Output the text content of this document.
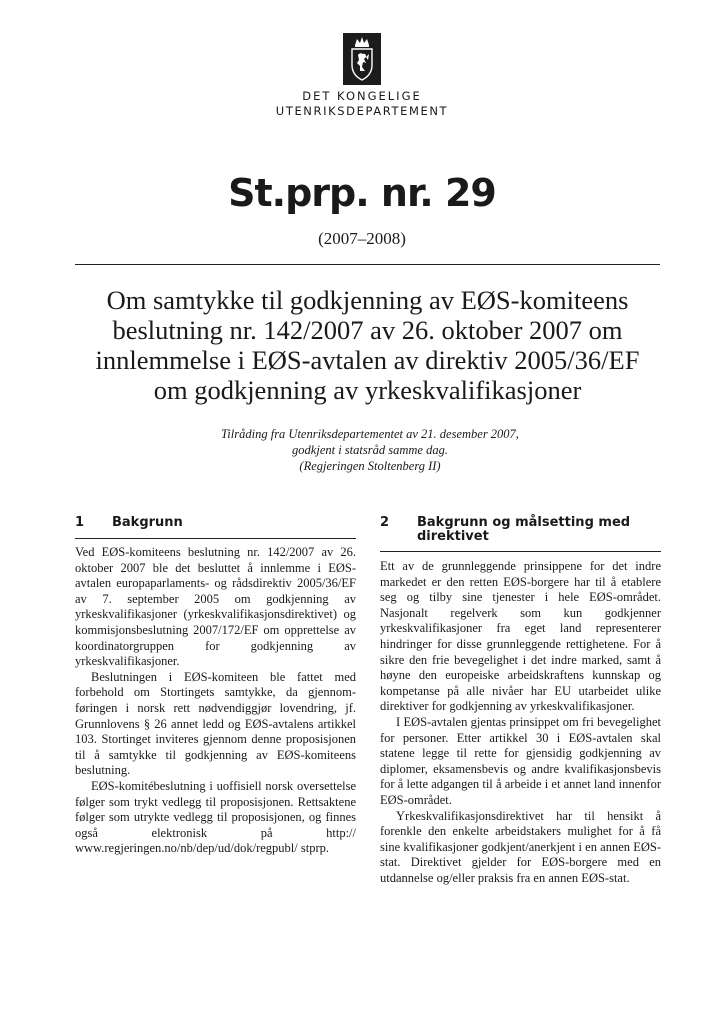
DET KONGELIGE
UTENRIKSDEPARTEMENT
St.prp. nr. 29
(2007–2008)
Om samtykke til godkjenning av EØS-komiteens
beslutning nr. 142/2007 av 26. oktober 2007 om
innlemmelse i EØS-avtalen av direktiv 2005/36/EF
om godkjenning av yrkeskvalifikasjoner
Tilråding fra Utenriksdepartementet av 21. desember 2007,
godkjent i statsråd samme dag.
(Regjeringen Stoltenberg II)
1 Bakgrunn	2 Bakgrunn og målsetting med direktivet

Ved EØS-komiteens beslutning nr. 142/2007 av 26. oktober 2007 ble det besluttet å innlemme i EØS-avtalen europaparlaments- og rådsdirektiv 2005/36/EF av 7. september 2005 om godkjenning av yrkeskvalifikasjoner (yrkeskvalifikasjonsdirektivet) og kommisjonsbeslutning 2007/172/EF om opprettelse av koordinatorgruppen for godkjenning av yrkeskvalifikasjoner.

Beslutningen i EØS-komiteen ble fattet med forbehold om Stortingets samtykke, da gjennomføringen i norsk rett nødvendiggjør lovendring, jf. Grunnlovens § 26 annet ledd og EØS-avtalens artikkel 103. Stortinget inviteres gjennom denne proposisjonen til å samtykke til godkjenning av EØS-komiteens beslutning.

EØS-komitébeslutning i uoffisiell norsk oversettelse følger som trykt vedlegg til proposisjonen. Rettsaktene følger som utrykte vedlegg til proposisjonen, og finnes også elektronisk på http:// www.regjeringen.no/nb/dep/ud/dok/regpubl/ stprp.

Ett av de grunnleggende prinsippene for det indre markedet er den retten EØS-borgere har til å etablere seg og tilby sine tjenester i hele EØS-området. Nasjonalt regelverk som kun godkjenner yrkeskvalifikasjoner fra eget land representerer hindringer for disse grunnleggende rettighetene. For å sikre den frie bevegelighet i det indre marked, samt å høyne den europeiske arbeidskraftens kunnskap og kompetanse på alle nivåer har EU utarbeidet ulike direktiver for godkjenning av yrkeskvalifikasjoner.

I EØS-avtalen gjentas prinsippet om fri bevegelighet for personer. Etter artikkel 30 i EØS-avtalen skal statene legge til rette for gjensidig godkjenning av diplomer, eksamensbevis og andre kvalifikasjonsbevis for å lette adgangen til å arbeide i et annet land innenfor EØS-området.

Yrkeskvalifikasjonsdirektivet har til hensikt å forenkle den enkelte arbeidstakers mulighet for å få sine kvalifikasjoner godkjent/anerkjent i en annen EØS-stat. Direktivet gjelder for EØS-borgere med en utdannelse og/eller praksis fra en annen EØS-stat.
